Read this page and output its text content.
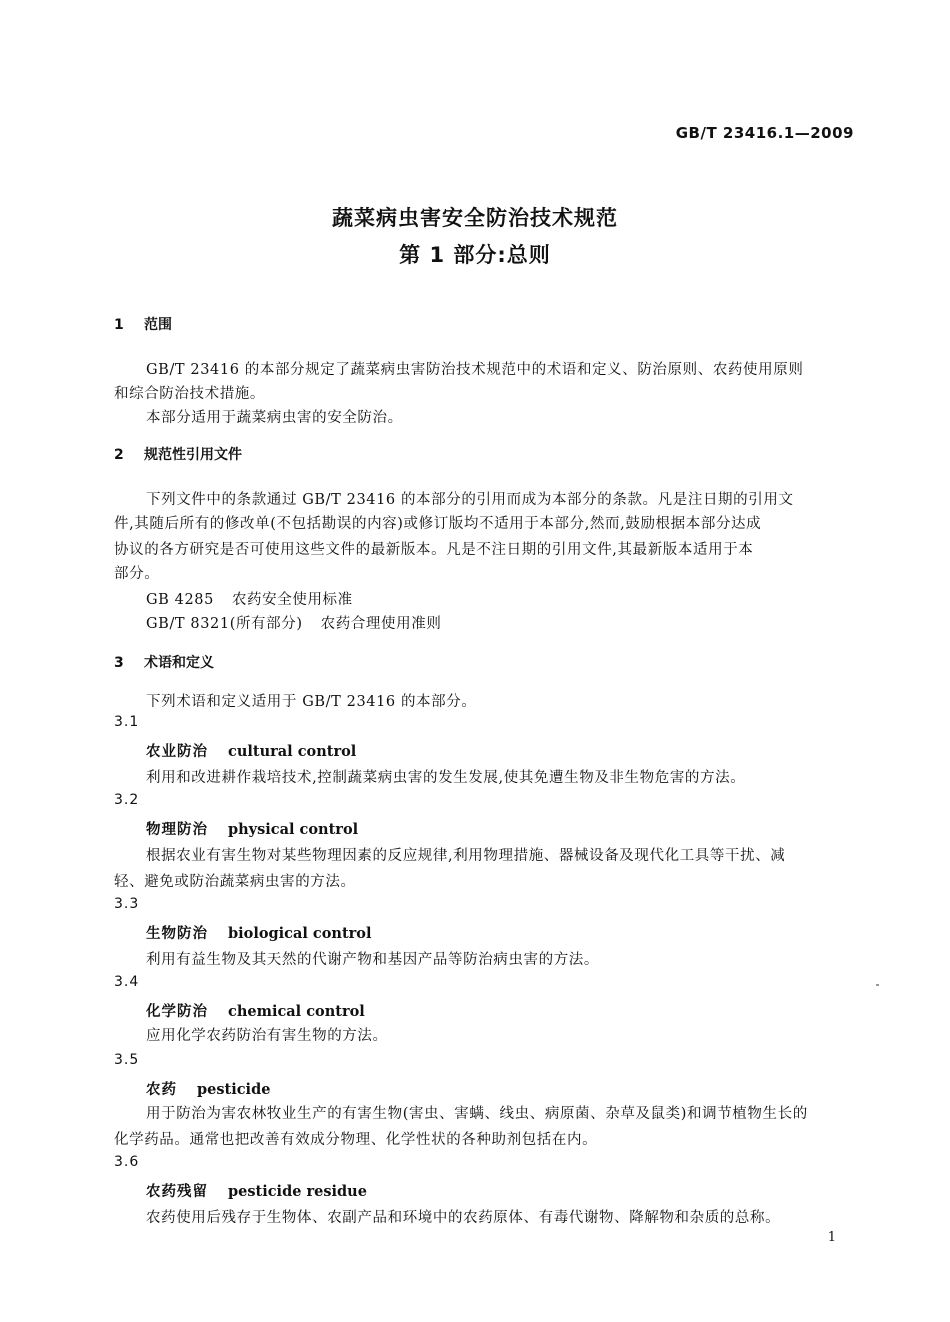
GB/T 23416.1—2009
蔬菜病虫害安全防治技术规范
第 1 部分:总则
1 范围
GB/T 23416 的本部分规定了蔬菜病虫害防治技术规范中的术语和定义、防治原则、农药使用原则
和综合防治技术措施。
本部分适用于蔬菜病虫害的安全防治。
2 规范性引用文件
下列文件中的条款通过 GB/T 23416 的本部分的引用而成为本部分的条款。凡是注日期的引用文
件,其随后所有的修改单(不包括勘误的内容)或修订版均不适用于本部分,然而,鼓励根据本部分达成
协议的各方研究是否可使用这些文件的最新版本。凡是不注日期的引用文件,其最新版本适用于本
部分。
GB 4285 农药安全使用标准
GB/T 8321(所有部分) 农药合理使用准则
3 术语和定义
下列术语和定义适用于 GB/T 23416 的本部分。
3.1
农业防治 cultural control
利用和改进耕作栽培技术,控制蔬菜病虫害的发生发展,使其免遭生物及非生物危害的方法。
3.2
物理防治 physical control
根据农业有害生物对某些物理因素的反应规律,利用物理措施、器械设备及现代化工具等干扰、减
轻、避免或防治蔬菜病虫害的方法。
3.3
生物防治 biological control
利用有益生物及其天然的代谢产物和基因产品等防治病虫害的方法。
3.4
化学防治 chemical control
应用化学农药防治有害生物的方法。
3.5
农药 pesticide
用于防治为害农林牧业生产的有害生物(害虫、害螨、线虫、病原菌、杂草及鼠类)和调节植物生长的
化学药品。通常也把改善有效成分物理、化学性状的各种助剂包括在内。
3.6
农药残留 pesticide residue
农药使用后残存于生物体、农副产品和环境中的农药原体、有毒代谢物、降解物和杂质的总称。
1
